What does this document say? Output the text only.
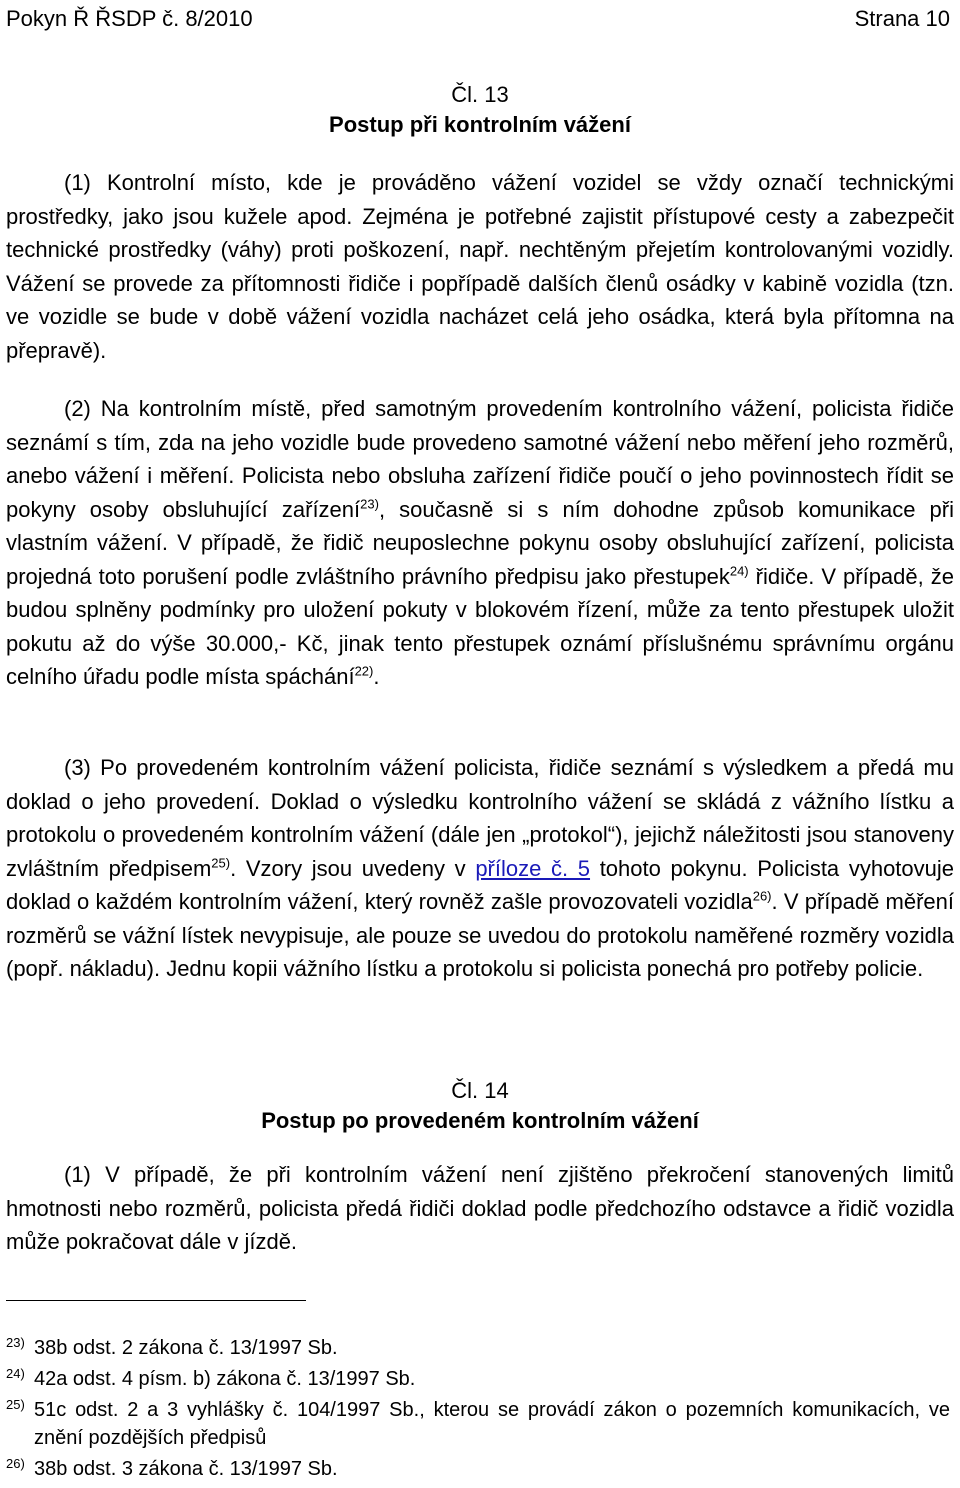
Pokyn Ř ŘSDP č. 8/2010	Strana 10

Čl. 13

Postup při kontrolním vážení

(1) Kontrolní místo, kde je prováděno vážení vozidel se vždy označí technickými prostředky, jako jsou kužele apod. Zejména je potřebné zajistit přístupové cesty a zabezpečit technické prostředky (váhy) proti poškození, např. nechtěným přejetím kontrolovanými vozidly. Vážení se provede za přítomnosti řidiče i popřípadě dalších členů osádky v kabině vozidla (tzn. ve vozidle se bude v době vážení vozidla nacházet celá jeho osádka, která byla přítomna na přepravě).

(2) Na kontrolním místě, před samotným provedením kontrolního vážení, policista řidiče seznámí s tím, zda na jeho vozidle bude provedeno samotné vážení nebo měření jeho rozměrů, anebo vážení i měření. Policista nebo obsluha zařízení řidiče poučí o jeho povinnostech řídit se pokyny osoby obsluhující zařízení$^{23)}$, současně si s ním dohodne způsob komunikace při vlastním vážení. V případě, že řidič neuposlechne pokynu osoby obsluhující zařízení, policista projedná toto porušení podle zvláštního právního předpisu jako přestupek$^{24)}$ řidiče. V případě, že budou splněny podmínky pro uložení pokuty v blokovém řízení, může za tento přestupek uložit pokutu až do výše 30.000,- Kč, jinak tento přestupek oznámí příslušnému správnímu orgánu celního úřadu podle místa spáchání$^{22)}$.

(3) Po provedeném kontrolním vážení policista, řidiče seznámí s výsledkem a předá mu doklad o jeho provedení. Doklad o výsledku kontrolního vážení se skládá z vážního lístku a protokolu o provedeném kontrolním vážení (dále jen „protokol“), jejichž náležitosti jsou stanoveny zvláštním předpisem$^{25)}$. Vzory jsou uvedeny v příloze č. 5 tohoto pokynu. Policista vyhotovuje doklad o každém kontrolním vážení, který rovněž zašle provozovateli vozidla$^{26)}$. V případě měření rozměrů se vážní lístek nevypisuje, ale pouze se uvedou do protokolu naměřené rozměry vozidla (popř. nákladu). Jednu kopii vážního lístku a protokolu si policista ponechá pro potřeby policie.

Čl. 14

Postup po provedeném kontrolním vážení

(1) V případě, že při kontrolním vážení není zjištěno překročení stanovených limitů hmotnosti nebo rozměrů, policista předá řidiči doklad podle předchozího odstavce a řidič vozidla může pokračovat dále v jízdě.

23) 38b odst. 2 zákona č. 13/1997 Sb.
24) 42a odst. 4 písm. b) zákona č. 13/1997 Sb.
25) 51c odst. 2 a 3 vyhlášky č. 104/1997 Sb., kterou se provádí zákon o pozemních komunikacích, ve znění pozdějších předpisů
26) 38b odst. 3 zákona č. 13/1997 Sb.
